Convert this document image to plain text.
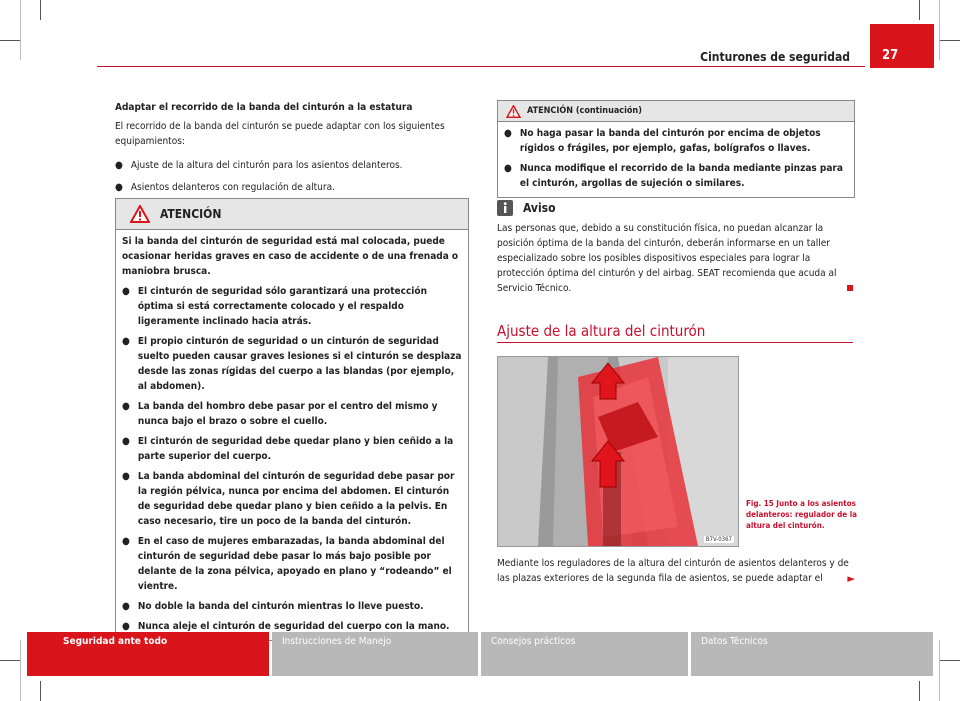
Cinturones de seguridad	27

Adaptar el recorrido de la banda del cinturón a la estatura

El recorrido de la banda del cinturón se puede adaptar con los siguientes equipamientos:

● Ajuste de la altura del cinturón para los asientos delanteros.
● Asientos delanteros con regulación de altura.
ATENCIÓN

Si la banda del cinturón de seguridad está mal colocada, puede ocasionar heridas graves en caso de accidente o de una frenada o maniobra brusca.

● El cinturón de seguridad sólo garantizará una protección óptima si está correctamente colocado y el respaldo ligeramente inclinado hacia atrás.
● El propio cinturón de seguridad o un cinturón de seguridad suelto pueden causar graves lesiones si el cinturón se desplaza desde las zonas rígidas del cuerpo a las blandas (por ejemplo, al abdomen).
● La banda del hombro debe pasar por el centro del mismo y nunca bajo el brazo o sobre el cuello.
● El cinturón de seguridad debe quedar plano y bien ceñido a la parte superior del cuerpo.
● La banda abdominal del cinturón de seguridad debe pasar por la región pélvica, nunca por encima del abdomen. El cinturón de seguridad debe quedar plano y bien ceñido a la pelvis. En caso necesario, tire un poco de la banda del cinturón.
● En el caso de mujeres embarazadas, la banda abdominal del cinturón de seguridad debe pasar lo más bajo posible por delante de la zona pélvica, apoyado en plano y “rodeando” el vientre.
● No doble la banda del cinturón mientras lo lleve puesto.
● Nunca aleje el cinturón de seguridad del cuerpo con la mano.
ATENCIÓN (continuación)
● No haga pasar la banda del cinturón por encima de objetos rígidos o frágiles, por ejemplo, gafas, bolígrafos o llaves.
● Nunca modifique el recorrido de la banda mediante pinzas para el cinturón, argollas de sujeción o similares.
Aviso

Las personas que, debido a su constitución física, no puedan alcanzar la posición óptima de la banda del cinturón, deberán informarse en un taller especializado sobre los posibles dispositivos especiales para lograr la protección óptima del cinturón y del airbag. SEAT recomienda que acuda al Servicio Técnico.

Ajuste de la altura del cinturón
B7V-0367
Fig. 15 Junto a los asientos delanteros: regulador de la altura del cinturón.

Mediante los reguladores de la altura del cinturón de asientos delanteros y de las plazas exteriores de la segunda fila de asientos, se puede adaptar el ►

Seguridad ante todo	Instrucciones de Manejo	Consejos prácticos	Datos Técnicos
